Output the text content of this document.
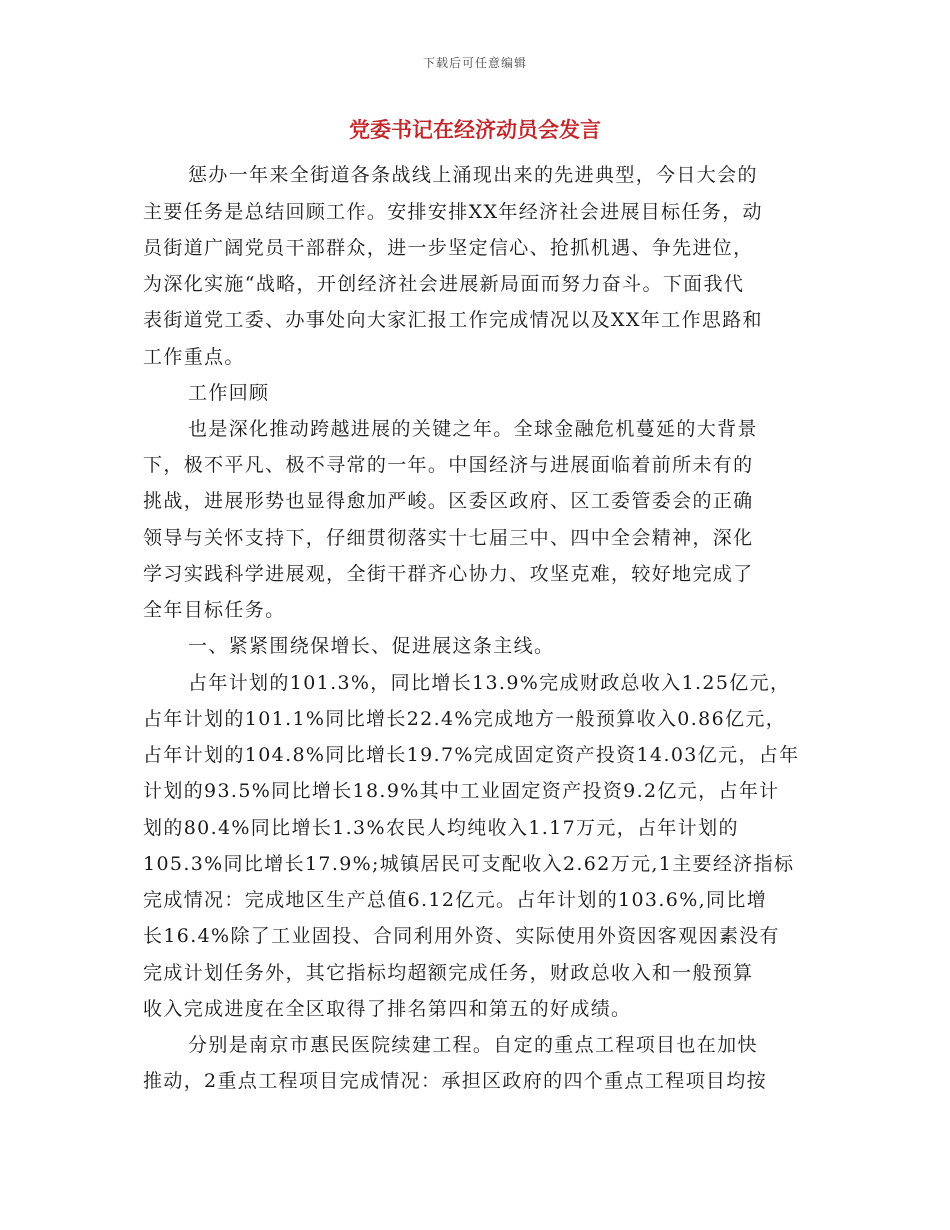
下载后可任意编辑
党委书记在经济动员会发言
惩办一年来全街道各条战线上涌现出来的先进典型，今日大会的
主要任务是总结回顾工作。安排安排XX年经济社会进展目标任务，动
员街道广阔党员干部群众，进一步坚定信心、抢抓机遇、争先进位，
为深化实施“战略，开创经济社会进展新局面而努力奋斗。下面我代
表街道党工委、办事处向大家汇报工作完成情况以及XX年工作思路和
工作重点。
工作回顾
也是深化推动跨越进展的关键之年。全球金融危机蔓延的大背景
下，极不平凡、极不寻常的一年。中国经济与进展面临着前所未有的
挑战，进展形势也显得愈加严峻。区委区政府、区工委管委会的正确
领导与关怀支持下，仔细贯彻落实十七届三中、四中全会精神，深化
学习实践科学进展观，全街干群齐心协力、攻坚克难，较好地完成了
全年目标任务。
一、紧紧围绕保增长、促进展这条主线。
占年计划的101.3%，同比增长13.9%完成财政总收入1.25亿元，
占年计划的101.1%同比增长22.4%完成地方一般预算收入0.86亿元，
占年计划的104.8%同比增长19.7%完成固定资产投资14.03亿元，占年
计划的93.5%同比增长18.9%其中工业固定资产投资9.2亿元，占年计
划的80.4%同比增长1.3%农民人均纯收入1.17万元，占年计划的
105.3%同比增长17.9%;城镇居民可支配收入2.62万元,1主要经济指标
完成情况：完成地区生产总值6.12亿元。占年计划的103.6%,同比增
长16.4%除了工业固投、合同利用外资、实际使用外资因客观因素没有
完成计划任务外，其它指标均超额完成任务，财政总收入和一般预算
收入完成进度在全区取得了排名第四和第五的好成绩。
分别是南京市惠民医院续建工程。自定的重点工程项目也在加快
推动，2重点工程项目完成情况：承担区政府的四个重点工程项目均按
